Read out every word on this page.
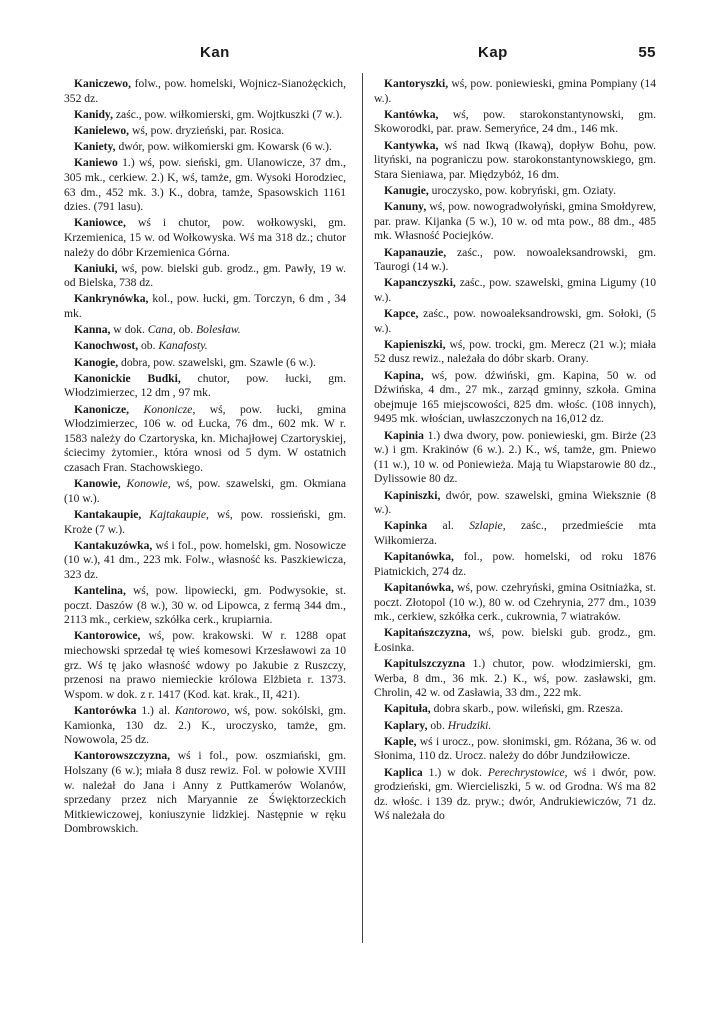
Kan	Kap	55

Kaniczewo, folw., pow. homelski, Wojnicz-Sianożęckich, 352 dz.

Kanidy, zaśc., pow. wiłkomierski, gm. Wojtkuszki (7 w.).

Kanielewo, wś, pow. dryzieński, par. Rosica.

Kaniety, dwór, pow. wiłkomierski gm. Kowarsk (6 w.).

Kaniewo 1.) wś, pow. sieński, gm. Ulanowicze, 37 dm., 305 mk., cerkiew. 2.) K, wś, tamże, gm. Wysoki Horodziec, 63 dm., 452 mk. 3.) K., dobra, tamże, Spasowskich 1161 dzies. (791 lasu).

Kaniowce, wś i chutor, pow. wołkowyski, gm. Krzemienica, 15 w. od Wołkowyska. Wś ma 318 dz.; chutor należy do dóbr Krzemienica Górna.

Kaniuki, wś, pow. bielski gub. grodz., gm. Pawły, 19 w. od Bielska, 738 dz.

Kankrynówka, kol., pow. łucki, gm. Torczyn, 6 dm , 34 mk.

Kanna, w dok. Cana, ob. Bolesław.

Kanochwost, ob. Kanafosty.

Kanogie, dobra, pow. szawelski, gm. Szawle (6 w.).

Kanonickie Budki, chutor, pow. łucki, gm. Włodzimierzec, 12 dm , 97 mk.

Kanonicze, Kononicze, wś, pow. łucki, gmina Włodzimierzec, 106 w. od Łucka, 76 dm., 602 mk. W r. 1583 należy do Czartoryska, kn. Michajłowej Czartoryskiej, ściecimy żytomier., która wnosi od 5 dym. W ostatnich czasach Fran. Stachowskiego.

Kanowie, Konowie, wś, pow. szawelski, gm. Okmiana (10 w.).

Kantakaupie, Kajtakaupie, wś, pow. rossieński, gm. Kroże (7 w.).

Kantakuzówka, wś i fol., pow. homelski, gm. Nosowicze (10 w.), 41 dm., 223 mk. Folw., własność ks. Paszkiewicza, 323 dz.

Kantelina, wś, pow. lipowiecki, gm. Podwysokie, st. poczt. Daszów (8 w.), 30 w. od Lipowca, z fermą 344 dm., 2113 mk., cerkiew, szkółka cerk., krupiarnia.

Kantorowice, wś, pow. krakowski. W r. 1288 opat miechowski sprzedał tę wieś komesowi Krzesławowi za 10 grz. Wś tę jako własność wdowy po Jakubie z Ruszczy, przenosi na prawo niemieckie królowa Elżbieta r. 1373. Wspom. w dok. z r. 1417 (Kod. kat. krak., II, 421).

Kantorówka 1.) al. Kantorowo, wś, pow. sokólski, gm. Kamionka, 130 dz. 2.) K., uroczysko, tamże, gm. Nowowola, 25 dz.

Kantorowszczyzna, wś i fol., pow. oszmiański, gm. Holszany (6 w.); miała 8 dusz rewiz. Fol. w połowie XVIII w. należał do Jana i Anny z Puttkamerów Wolanów, sprzedany przez nich Maryannie ze Święktorzeckich Mitkiewiczowej, koniuszynie lidzkiej. Następnie w ręku Dombrowskich.

Kantoryszki, wś, pow. poniewieski, gmina Pompiany (14 w.).

Kantówka, wś, pow. starokonstantynowski, gm. Skoworodki, par. praw. Semeryńce, 24 dm., 146 mk.

Kantywka, wś nad Ikwą (Ikawą), dopływ Bohu, pow. lityński, na pograniczu pow. starokonstantynowskiego, gm. Stara Sieniawa, par. Międzybóż, 16 dm.

Kanugie, uroczysko, pow. kobryński, gm. Oziaty.

Kanuny, wś, pow. nowogradwołyński, gmina Smołdyrew, par. praw. Kijanka (5 w.), 10 w. od mta pow., 88 dm., 485 mk. Własność Pociejków.

Kapanauzie, zaśc., pow. nowoaleksandrowski, gm. Taurogi (14 w.).

Kapanczyszki, zaśc., pow. szawelski, gmina Ligumy (10 w.).

Kapce, zaśc., pow. nowoaleksandrowski, gm. Sołoki, (5 w.).

Kapieniszki, wś, pow. trocki, gm. Merecz (21 w.); miała 52 dusz rewiz., należała do dóbr skarb. Orany.

Kapina, wś, pow. dźwiński, gm. Kapina, 50 w. od Dźwińska, 4 dm., 27 mk., zarząd gminny, szkoła. Gmina obejmuje 165 miejscowości, 825 dm. włośc. (108 innych), 9495 mk. włościan, uwłaszczonych na 16,012 dz.

Kapinia 1.) dwa dwory, pow. poniewieski, gm. Birże (23 w.) i gm. Krakinów (6 w.). 2.) K., wś, tamże, gm. Pniewo (11 w.), 10 w. od Poniewieża. Mają tu Wiapstarowie 80 dz., Dylissowie 80 dz.

Kapiniszki, dwór, pow. szawelski, gmina Wieksznie (8 w.).

Kapinka al. Szlapie, zaśc., przedmieście mta Wiłkomierza.

Kapitanówka, fol., pow. homelski, od roku 1876 Piatnickich, 274 dz.

Kapitanówka, wś, pow. czehryński, gmina Ositniażka, st. poczt. Złotopol (10 w.), 80 w. od Czehrynia, 277 dm., 1039 mk., cerkiew, szkółka cerk., cukrownia, 7 wiatraków.

Kapitańszczyzna, wś, pow. bielski gub. grodz., gm. Łosinka.

Kapitulszczyzna 1.) chutor, pow. włodzimierski, gm. Werba, 8 dm., 36 mk. 2.) K., wś, pow. zasławski, gm. Chrolin, 42 w. od Zasławia, 33 dm., 222 mk.

Kapituła, dobra skarb., pow. wileński, gm. Rzesza.

Kaplary, ob. Hrudziki.

Kaple, wś i urocz., pow. słonimski, gm. Różana, 36 w. od Słonima, 110 dz. Urocz. należy do dóbr Jundziłowicze.

Kaplica 1.) w dok. Perechrystowice, wś i dwór, pow. grodzieński, gm. Wiercieliszki, 5 w. od Grodna. Wś ma 82 dz. włośc. i 139 dz. pryw.; dwór, Andrukiewiczów, 71 dz. Wś należała do
